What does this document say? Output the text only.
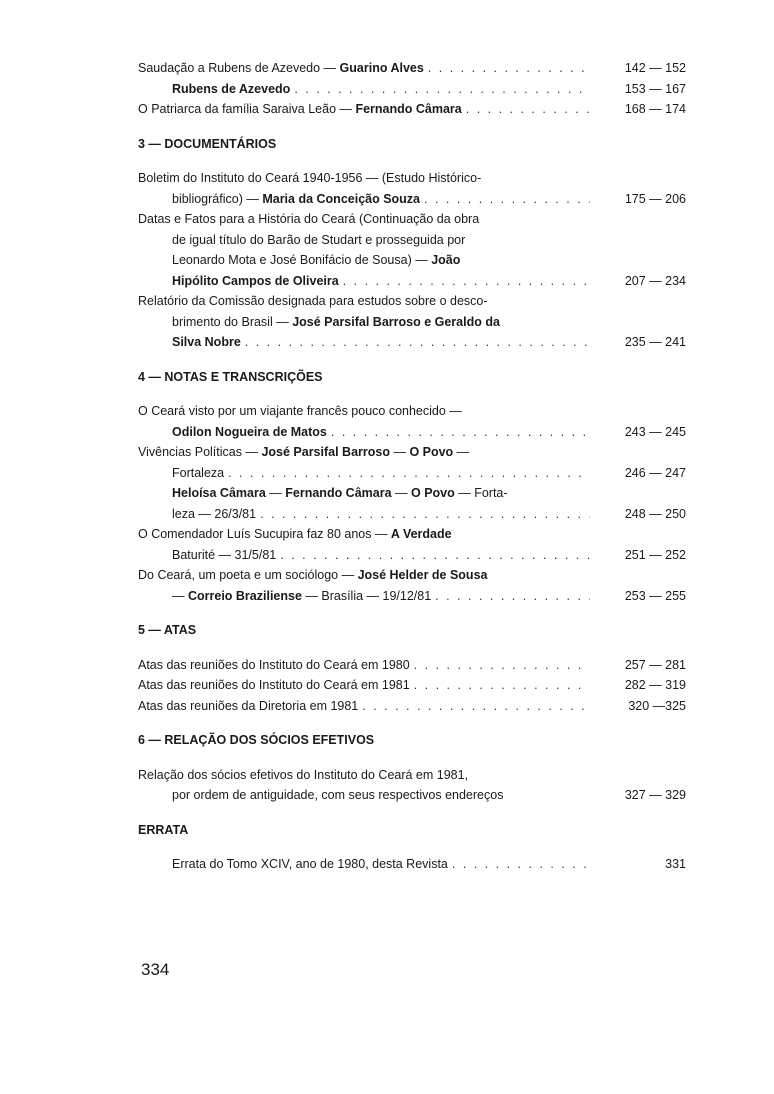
Saudação a Rubens de Azevedo — Guarino Alves . . .	142 — 152
Rubens de Azevedo . . .	153 — 167
O Patriarca da família Saraiva Leão — Fernando Câmara . . .	168 — 174
3 — DOCUMENTÁRIOS
Boletim do Instituto do Ceará 1940-1956 — (Estudo Histórico-
bibliográfico) — Maria da Conceição Souza . . .	175 — 206
Datas e Fatos para a História do Ceará (Continuação da obra
de igual título do Barão de Studart e prosseguida por
Leonardo Mota e José Bonifácio de Sousa) — João
Hipólito Campos de Oliveira . . .	207 — 234
Relatório da Comissão designada para estudos sobre o desco-
brimento do Brasil — José Parsifal Barroso e Geraldo da
Silva Nobre . . .	235 — 241
4 — NOTAS E TRANSCRIÇÕES
O Ceará visto por um viajante francês pouco conhecido —
Odilon Nogueira de Matos . . .	243 — 245
Vivências Políticas — José Parsifal Barroso — O Povo —
Fortaleza . . .	246 — 247
Heloísa Câmara — Fernando Câmara — O Povo — Forta-
leza — 26/3/81 . . .	248 — 250
O Comendador Luís Sucupira faz 80 anos — A Verdade
Baturité — 31/5/81 . . .	251 — 252
Do Ceará, um poeta e um sociólogo — José Helder de Sousa
— Correio Braziliense — Brasília — 19/12/81 . . .	253 — 255
5 — ATAS
Atas das reuniões do Instituto do Ceará em 1980 . . .	257 — 281
Atas das reuniões do Instituto do Ceará em 1981 . . .	282 — 319
Atas das reuniões da Diretoria em 1981 . . .	320 —325
6 — RELAÇÃO DOS SÓCIOS EFETIVOS
Relação dos sócios efetivos do Instituto do Ceará em 1981,
por ordem de antiguidade, com seus respectivos endereços	327 — 329
ERRATA
Errata do Tomo XCIV, ano de 1980, desta Revista . . .	331
334
